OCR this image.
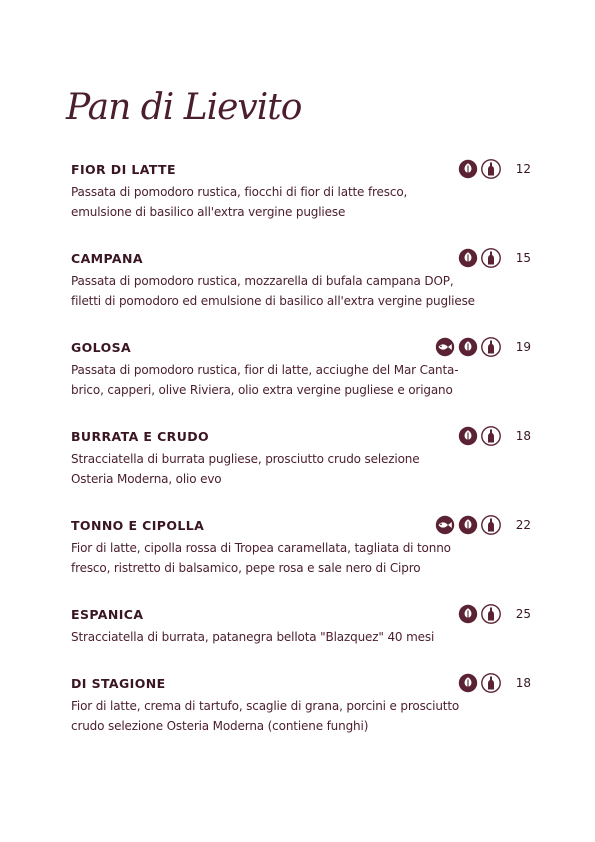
Pan di Lievito
FIOR DI LATTE	12
Passata di pomodoro rustica, fiocchi di fior di latte fresco,
emulsione di basilico all'extra vergine pugliese
CAMPANA	15
Passata di pomodoro rustica, mozzarella di bufala campana DOP,
filetti di pomodoro ed emulsione di basilico all'extra vergine pugliese
GOLOSA	19
Passata di pomodoro rustica, fior di latte, acciughe del Mar Canta-
brico, capperi, olive Riviera, olio extra vergine pugliese e origano
BURRATA E CRUDO	18
Stracciatella di burrata pugliese, prosciutto crudo selezione
Osteria Moderna, olio evo
TONNO E CIPOLLA	22
Fior di latte, cipolla rossa di Tropea caramellata, tagliata di tonno
fresco, ristretto di balsamico, pepe rosa e sale nero di Cipro
ESPANICA	25
Stracciatella di burrata, patanegra bellota "Blazquez" 40 mesi
DI STAGIONE	18
Fior di latte, crema di tartufo, scaglie di grana, porcini e prosciutto
crudo selezione Osteria Moderna (contiene funghi)
